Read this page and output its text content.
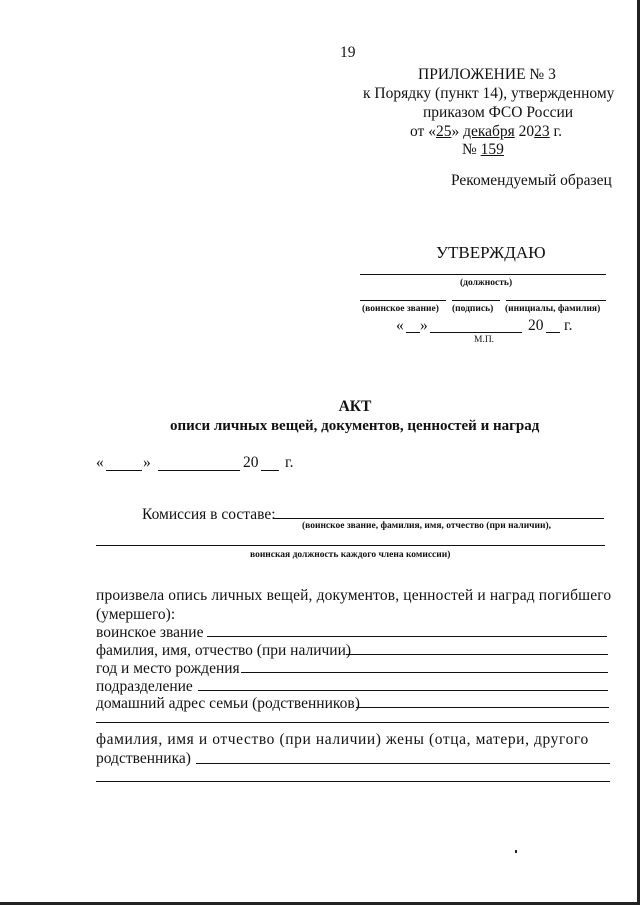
19
ПРИЛОЖЕНИЕ № 3
к Порядку (пункт 14), утвержденному
приказом ФСО России
от «25» декабря 2023 г.
№ 159
Рекомендуемый образец
УТВЕРЖДАЮ
(должность)
(воинское звание) (подпись) (инициалы, фамилия)
« »	20 г.
М.П.
АКТ
описи личных вещей, документов, ценностей и наград
«	»	20 г.
Комиссия в составе:
(воинское звание, фамилия, имя, отчество (при наличии),
воинская должность каждого члена комиссии)
произвела опись личных вещей, документов, ценностей и наград погибшего
(умершего):
воинское звание
фамилия, имя, отчество (при наличии)
год и место рождения
подразделение
домашний адрес семьи (родственников)
фамилия, имя и отчество (при наличии) жены (отца, матери, другого
родственника)
